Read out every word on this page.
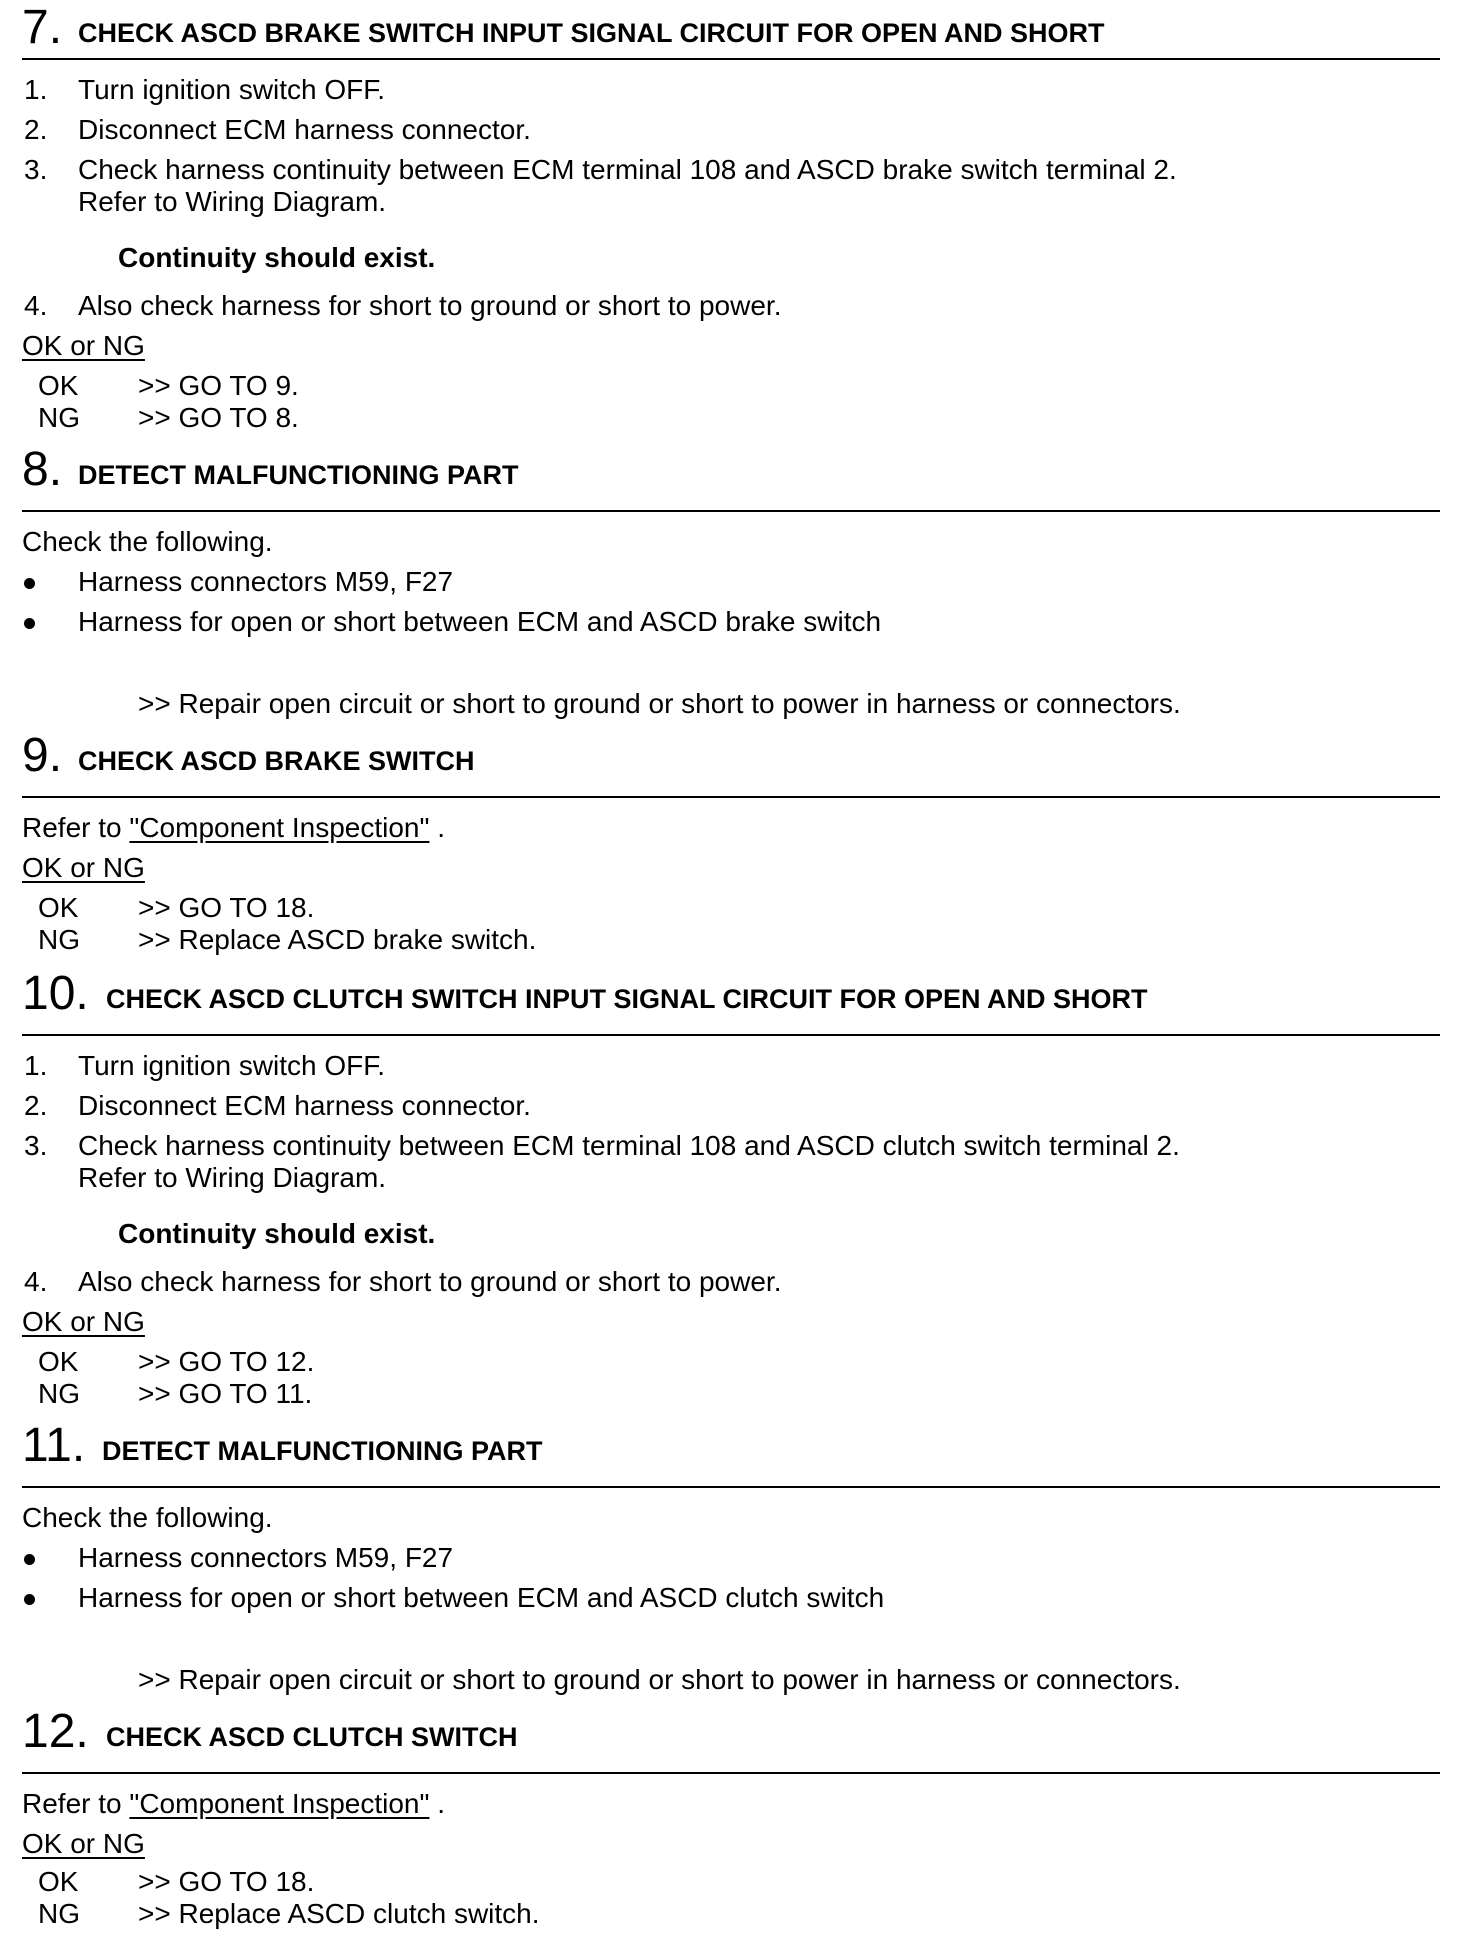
7. CHECK ASCD BRAKE SWITCH INPUT SIGNAL CIRCUIT FOR OPEN AND SHORT
1. Turn ignition switch OFF.
2. Disconnect ECM harness connector.
3. Check harness continuity between ECM terminal 108 and ASCD brake switch terminal 2.
Refer to Wiring Diagram.
Continuity should exist.
4. Also check harness for short to ground or short to power.
OK or NG
OK >> GO TO 9.
NG >> GO TO 8.
8. DETECT MALFUNCTIONING PART
Check the following.
Harness connectors M59, F27
Harness for open or short between ECM and ASCD brake switch
>> Repair open circuit or short to ground or short to power in harness or connectors.
9. CHECK ASCD BRAKE SWITCH
Refer to "Component Inspection" .
OK or NG
OK >> GO TO 18.
NG >> Replace ASCD brake switch.
10. CHECK ASCD CLUTCH SWITCH INPUT SIGNAL CIRCUIT FOR OPEN AND SHORT
1. Turn ignition switch OFF.
2. Disconnect ECM harness connector.
3. Check harness continuity between ECM terminal 108 and ASCD clutch switch terminal 2.
Refer to Wiring Diagram.
Continuity should exist.
4. Also check harness for short to ground or short to power.
OK or NG
OK >> GO TO 12.
NG >> GO TO 11.
11. DETECT MALFUNCTIONING PART
Check the following.
Harness connectors M59, F27
Harness for open or short between ECM and ASCD clutch switch
>> Repair open circuit or short to ground or short to power in harness or connectors.
12. CHECK ASCD CLUTCH SWITCH
Refer to "Component Inspection" .
OK or NG
OK >> GO TO 18.
NG >> Replace ASCD clutch switch.
